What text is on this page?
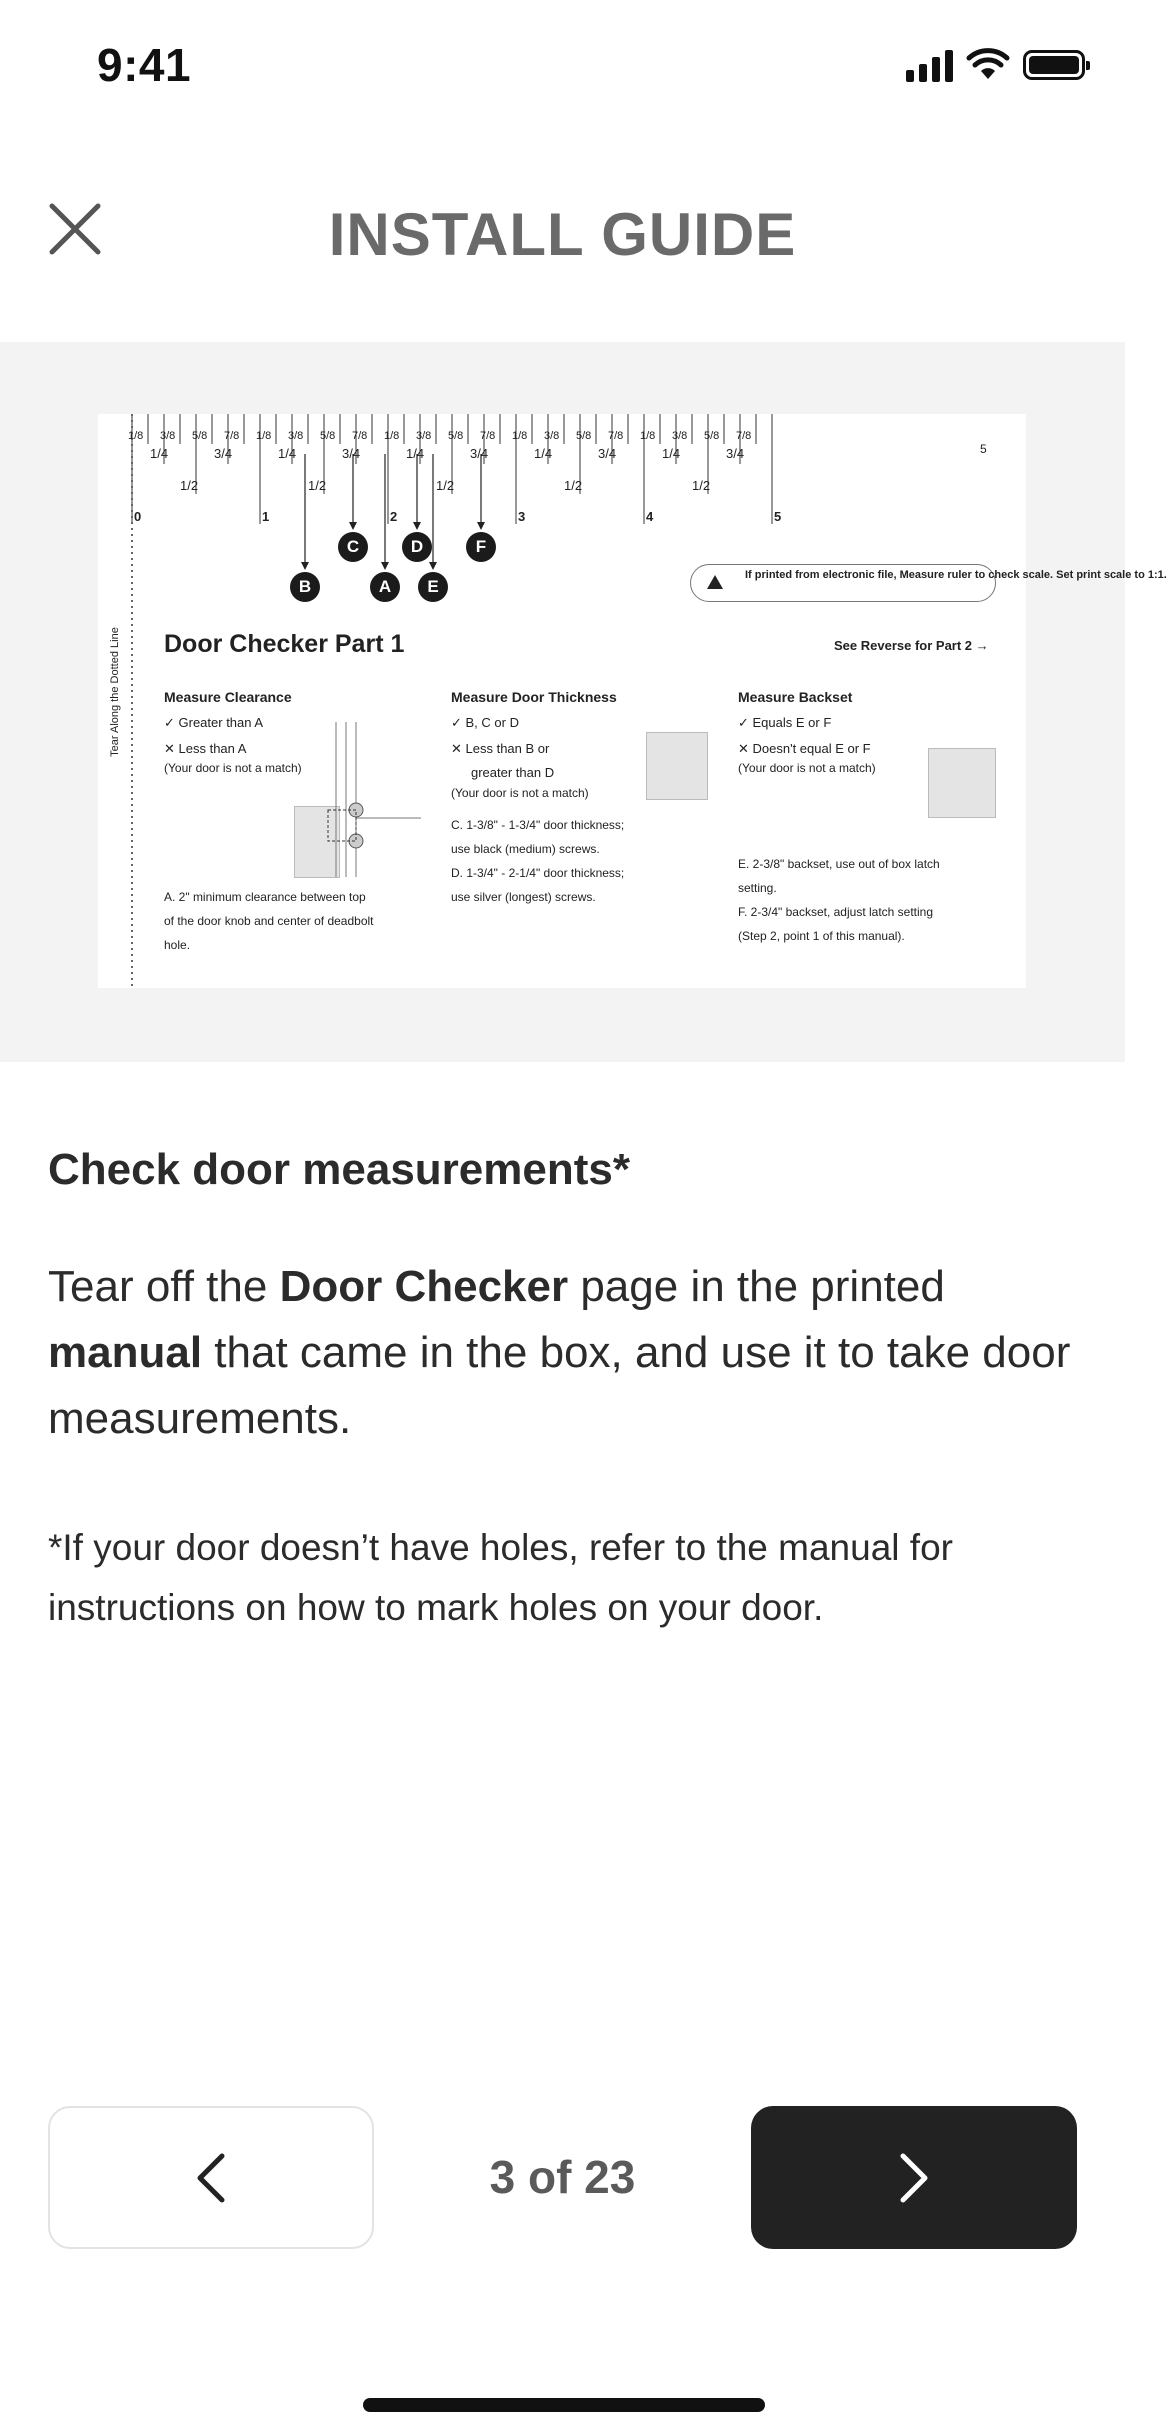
9:41
INSTALL GUIDE
0
1/8
1/4
3/8
1/2
5/8
3/4
7/8
1
1/8
1/4
3/8
1/2
5/8
3/4
7/8
2
1/8
1/4
3/8
1/2
5/8
3/4
7/8
3
1/8
1/4
3/8
1/2
5/8
3/4
7/8
4
1/8
1/4
3/8
1/2
5/8
3/4
7/8
5
5
B
C
A
D
E
F
If printed from electronic file, Measure ruler to check scale. Set print scale to 1:1.
Tear Along the Dotted Line Door Checker Part 1	See Reverse for Part 2 →
Measure Clearance
✓ Greater than A
✕ Less than A
(Your door is not a match)
A. 2" minimum clearance between top
of the door knob and center of deadbolt
hole.
Measure Door Thickness
✓ B, C or D
✕ Less than B or
greater than D
(Your door is not a match)
C. 1-3/8" - 1-3/4" door thickness;
use black (medium) screws.
D. 1-3/4" - 2-1/4" door thickness;
use silver (longest) screws.
Measure Backset
✓ Equals E or F
✕ Doesn't equal E or F
(Your door is not a match)
E. 2-3/8" backset, use out of box latch
setting.
F. 2-3/4" backset, adjust latch setting
(Step 2, point 1 of this manual).
Check door measurements*
Tear off the Door Checker page in the printed manual that came in the box, and use it to take door measurements.
*If your door doesn’t have holes, refer to the manual for instructions on how to mark holes on your door.
3 of 23
